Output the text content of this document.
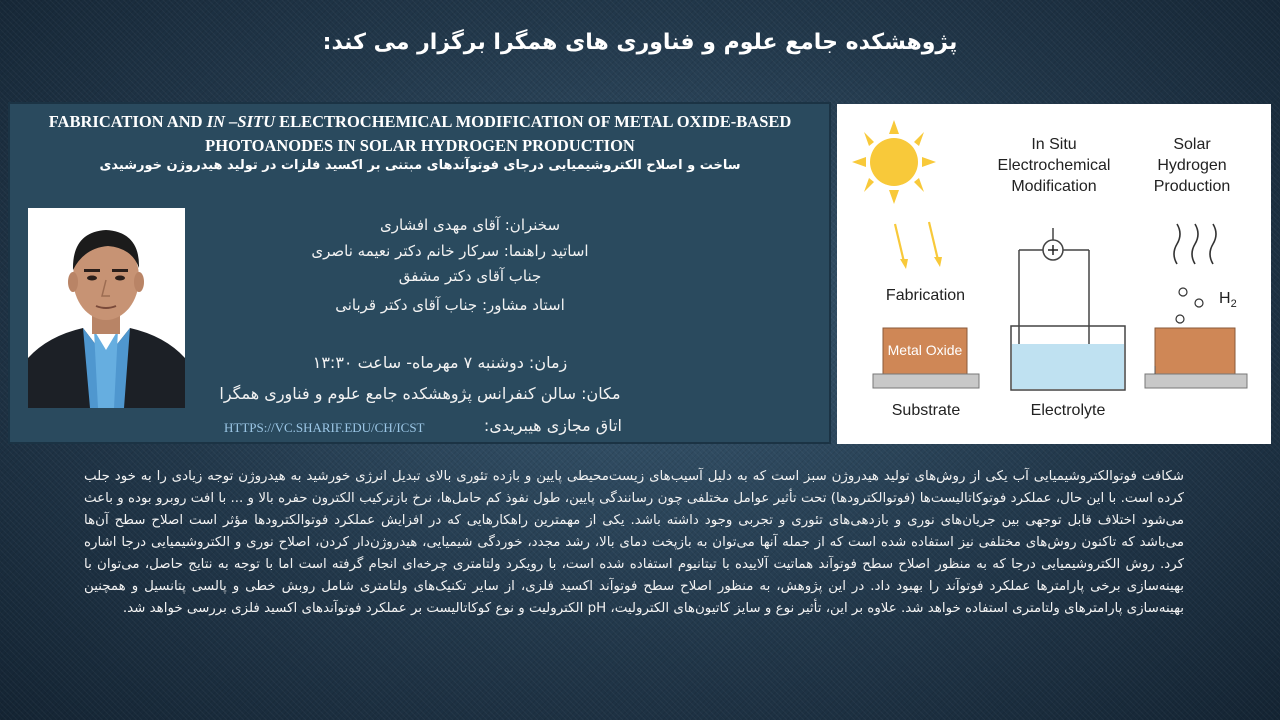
پژوهشکده جامع علوم و فناوری های همگرا برگزار می کند:
FABRICATION AND IN –SITU ELECTROCHEMICAL MODIFICATION OF METAL OXIDE-BASED PHOTOANODES IN SOLAR HYDROGEN PRODUCTION
ساخت و اصلاح الکتروشیمیایی درجای فوتوآندهای مبتنی بر اکسید فلزات در تولید هیدروژن خورشیدی
سخنران: آقای مهدی افشاری
اساتید راهنما: سرکار خانم دکتر نعیمه ناصری
جناب آقای دکتر مشفق
استاد مشاور: جناب آقای دکتر قربانی
زمان: دوشنبه ۷ مهرماه- ساعت ۱۳:۳۰
مکان: سالن کنفرانس پژوهشکده جامع علوم و فناوری همگرا
اتاق مجازی هیبریدی:
HTTPS://VC.SHARIF.EDU/CH/ICST
In Situ Electrochemical Modification
Solar Hydrogen Production
Fabrication
Metal Oxide
Substrate	Electrolyte
$H_2$
شکافت فوتوالکتروشیمیایی آب یکی از روش‌های تولید هیدروژن سبز است که به دلیل آسیب‌های زیست‌محیطی پایین و بازده تئوری بالای تبدیل انرژی خورشید به هیدروژن توجه زیادی را به خود جلب کرده است. با این حال، عملکرد فوتوکاتالیست‌ها (فوتوالکترودها) تحت تأثیر عوامل مختلفی چون رسانندگی پایین، طول نفوذ کم حامل‌ها، نرخ بازترکیب الکترون حفره بالا و ... با افت روبرو بوده و باعث می‌شود اختلاف قابل توجهی بین جریان‌های نوری و بازدهی‌های تئوری و تجربی وجود داشته باشد. یکی از مهمترین راهکارهایی که در افزایش عملکرد فوتوالکترودها مؤثر است اصلاح سطح آن‌ها می‌باشد که تاکنون روش‌های مختلفی نیز استفاده شده است که از جمله آنها می‌توان به بازپخت دمای بالا، رشد مجدد، خوردگی شیمیایی، هیدروژن‌دار کردن، اصلاح نوری و الکتروشیمیایی درجا اشاره کرد. روش الکتروشیمیایی درجا که به منظور اصلاح سطح فوتوآند هماتیت آلاییده با تیتانیوم استفاده شده است، با رویکرد ولتامتری چرخه‌ای انجام گرفته است اما با توجه به نتایج حاصل، می‌توان با بهینه‌سازی برخی پارامترها عملکرد فوتوآند را بهبود داد. در این پژوهش، به منظور اصلاح سطح فوتوآند اکسید فلزی، از سایر تکنیک‌های ولتامتری شامل روبش خطی و پالسی پتانسیل و همچنین بهینه‌سازی پارامترهای ولتامتری استفاده خواهد شد. علاوه بر این، تأثیر نوع و سایز کاتیون‌های الکترولیت، pH الکترولیت و نوع کوکاتالیست بر عملکرد فوتوآندهای اکسید فلزی بررسی خواهد شد.
